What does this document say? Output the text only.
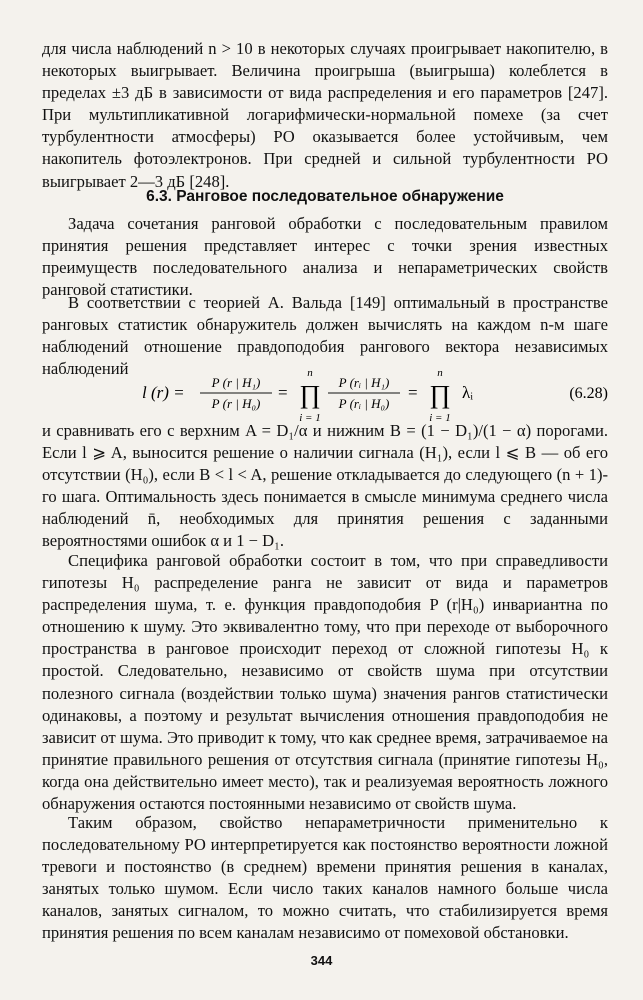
для числа наблюдений n > 10 в некоторых случаях проигрывает накопителю, в некоторых выигрывает. Величина проигрыша (выигрыша) колеблется в пределах ±3 дБ в зависимости от вида распределения и его параметров [247]. При мультипликативной логарифмически-нормальной помехе (за счет турбулентности атмосферы) РО оказывается более устойчивым, чем накопитель фотоэлектронов. При средней и сильной турбулентности РО выигрывает 2—3 дБ [248].
6.3. Ранговое последовательное обнаружение
Задача сочетания ранговой обработки с последовательным правилом принятия решения представляет интерес с точки зрения известных преимуществ последовательного анализа и непараметрических свойств ранговой статистики.
В соответствии с теорией А. Вальда [149] оптимальный в пространстве ранговых статистик обнаружитель должен вычислять на каждом n-м шаге наблюдений отношение правдоподобия рангового вектора независимых наблюдений
l (r) =
P (r | H₁)
P (r | H₀)
=
n
∏
i = 1
P (rᵢ | H₁)
P (rᵢ | H₀)
=
n
∏
i = 1
λᵢ	(6.28)
и сравнивать его с верхним A = D₁/α и нижним B = (1 − D₁)/(1 − α) порогами. Если l ⩾ A, выносится решение о наличии сигнала (H₁), если l ⩽ B — об его отсутствии (H₀), если B < l < A, решение откладывается до следующего (n + 1)-го шага. Оптимальность здесь понимается в смысле минимума среднего числа наблюдений n̄, необходимых для принятия решения с заданными вероятностями ошибок α и 1 − D₁.
Специфика ранговой обработки состоит в том, что при справедливости гипотезы H₀ распределение ранга не зависит от вида и параметров распределения шума, т. е. функция правдоподобия P (r|H₀) инвариантна по отношению к шуму. Это эквивалентно тому, что при переходе от выборочного пространства в ранговое происходит переход от сложной гипотезы H₀ к простой. Следовательно, независимо от свойств шума при отсутствии полезного сигнала (воздействии только шума) значения рангов статистически одинаковы, а поэтому и результат вычисления отношения правдоподобия не зависит от шума. Это приводит к тому, что как среднее время, затрачиваемое на принятие правильного решения от отсутствия сигнала (принятие гипотезы H₀, когда она действительно имеет место), так и реализуемая вероятность ложного обнаружения остаются постоянными независимо от свойств шума.
Таким образом, свойство непараметричности применительно к последовательному РО интерпретируется как постоянство вероятности ложной тревоги и постоянство (в среднем) времени принятия решения в каналах, занятых только шумом. Если число таких каналов намного больше числа каналов, занятых сигналом, то можно считать, что стабилизируется время принятия решения по всем каналам независимо от помеховой обстановки.
344
